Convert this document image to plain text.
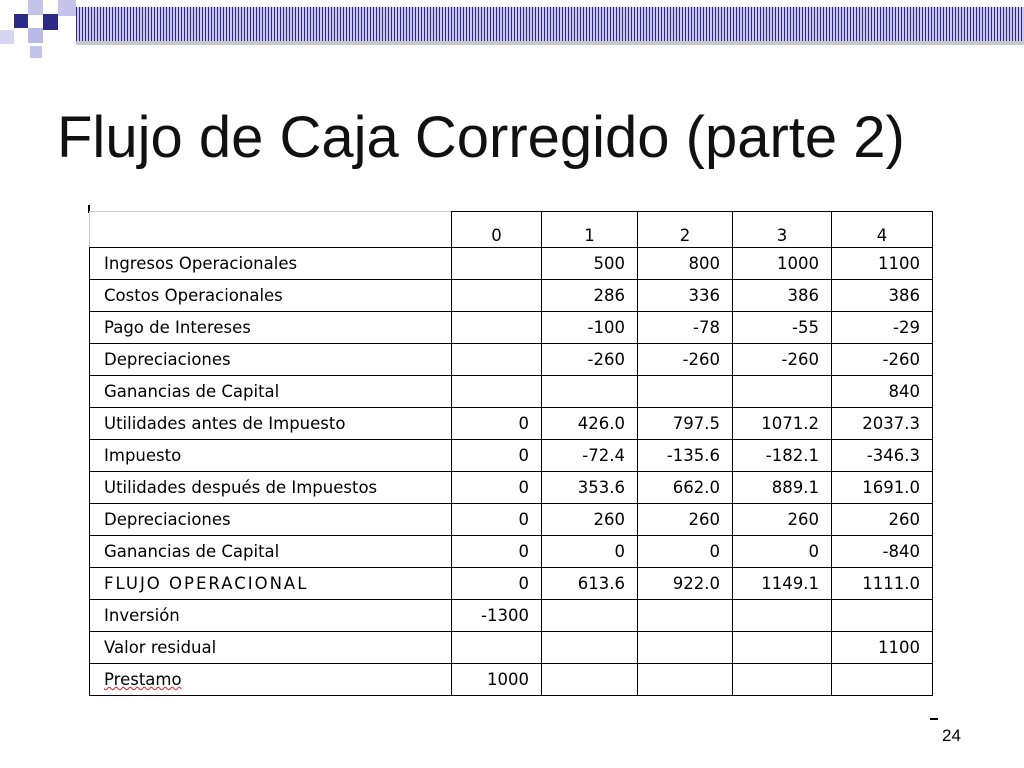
Flujo de Caja Corregido (parte 2)
	0	1	2	3	4
Ingresos Operacionales		500	800	1000	1100
Costos Operacionales		286	336	386	386
Pago de Intereses		-100	-78	-55	-29
Depreciaciones		-260	-260	-260	-260
Ganancias de Capital					840
Utilidades antes de Impuesto	0	426.0	797.5	1071.2	2037.3
Impuesto	0	-72.4	-135.6	-182.1	-346.3
Utilidades después de Impuestos	0	353.6	662.0	889.1	1691.0
Depreciaciones	0	260	260	260	260
Ganancias de Capital	0	0	0	0	-840
FLUJO OPERACIONAL	0	613.6	922.0	1149.1	1111.0
Inversión	-1300				
Valor residual					1100
Prestamo	1000				
24
